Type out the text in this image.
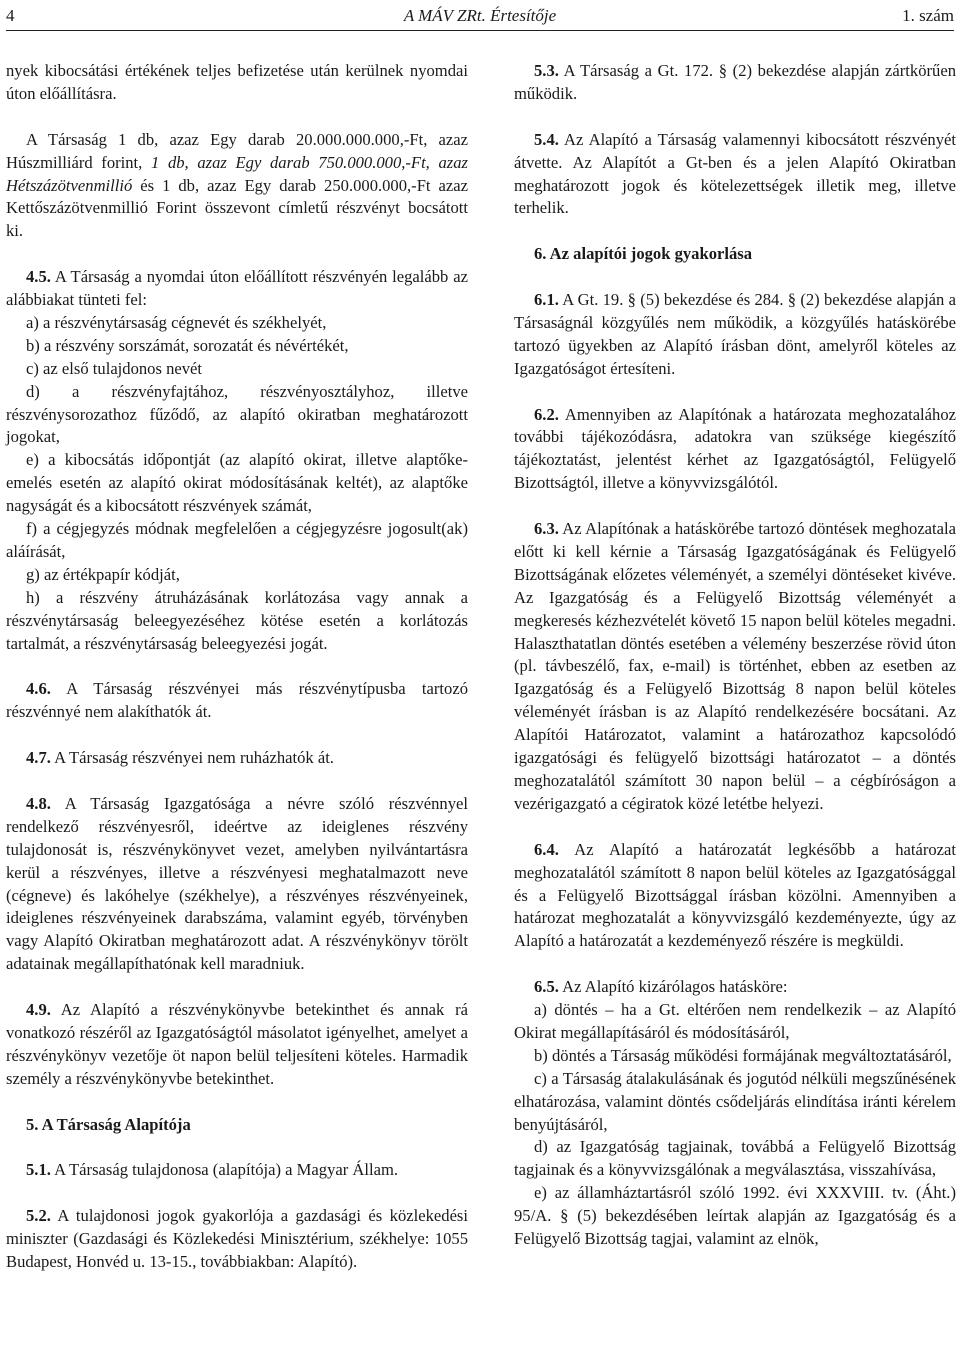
4	A MÁV ZRt. Értesítője	1. szám

nyek kibocsátási értékének teljes befizetése után kerülnek nyomdai úton előállításra.

A Társaság 1 db, azaz Egy darab 20.000.000.000,-Ft, azaz Húszmilliárd forint, 1 db, azaz Egy darab 750.000.000,-Ft, azaz Hétszázötvenmillió és 1 db, azaz Egy darab 250.000.000,-Ft azaz Kettőszázötvenmillió Forint összevont címletű részvényt bocsátott ki.

4.5. A Társaság a nyomdai úton előállított részvényén legalább az alábbiakat tünteti fel:

a) a részvénytársaság cégnevét és székhelyét,

b) a részvény sorszámát, sorozatát és névértékét,

c) az első tulajdonos nevét

d) a részvényfajtához, részvényosztályhoz, illetve részvénysorozathoz fűződő, az alapító okiratban meghatározott jogokat,

e) a kibocsátás időpontját (az alapító okirat, illetve alaptőke-emelés esetén az alapító okirat módosításának keltét), az alaptőke nagyságát és a kibocsátott részvények számát,

f) a cégjegyzés módnak megfelelően a cégjegyzésre jogosult(ak) aláírását,

g) az értékpapír kódját,

h) a részvény átruházásának korlátozása vagy annak a részvénytársaság beleegyezéséhez kötése esetén a korlátozás tartalmát, a részvénytársaság beleegyezési jogát.

4.6. A Társaság részvényei más részvénytípusba tartozó részvénnyé nem alakíthatók át.

4.7. A Társaság részvényei nem ruházhatók át.

4.8. A Társaság Igazgatósága a névre szóló részvénnyel rendelkező részvényesről, ideértve az ideiglenes részvény tulajdonosát is, részvénykönyvet vezet, amelyben nyilvántartásra kerül a részvényes, illetve a részvényesi meghatalmazott neve (cégneve) és lakóhelye (székhelye), a részvényes részvényeinek, ideiglenes részvényeinek darabszáma, valamint egyéb, törvényben vagy Alapító Okiratban meghatározott adat. A részvénykönyv törölt adatainak megállapíthatónak kell maradniuk.

4.9. Az Alapító a részvénykönyvbe betekinthet és annak rá vonatkozó részéről az Igazgatóságtól másolatot igényelhet, amelyet a részvénykönyv vezetője öt napon belül teljesíteni köteles. Harmadik személy a részvénykönyvbe betekinthet.

5. A Társaság Alapítója

5.1. A Társaság tulajdonosa (alapítója) a Magyar Állam.

5.2. A tulajdonosi jogok gyakorlója a gazdasági és közlekedési miniszter (Gazdasági és Közlekedési Minisztérium, székhelye: 1055 Budapest, Honvéd u. 13-15., továbbiakban: Alapító).

5.3. A Társaság a Gt. 172. § (2) bekezdése alapján zártkörűen működik.

5.4. Az Alapító a Társaság valamennyi kibocsátott részvényét átvette. Az Alapítót a Gt-ben és a jelen Alapító Okiratban meghatározott jogok és kötelezettségek illetik meg, illetve terhelik.

6. Az alapítói jogok gyakorlása

6.1. A Gt. 19. § (5) bekezdése és 284. § (2) bekezdése alapján a Társaságnál közgyűlés nem működik, a közgyűlés hatáskörébe tartozó ügyekben az Alapító írásban dönt, amelyről köteles az Igazgatóságot értesíteni.

6.2. Amennyiben az Alapítónak a határozata meghozatalához további tájékozódásra, adatokra van szüksége kiegészítő tájékoztatást, jelentést kérhet az Igazgatóságtól, Felügyelő Bizottságtól, illetve a könyvvizsgálótól.

6.3. Az Alapítónak a hatáskörébe tartozó döntések meghozatala előtt ki kell kérnie a Társaság Igazgatóságának és Felügyelő Bizottságának előzetes véleményét, a személyi döntéseket kivéve. Az Igazgatóság és a Felügyelő Bizottság véleményét a megkeresés kézhezvételét követő 15 napon belül köteles megadni. Halaszthatatlan döntés esetében a vélemény beszerzése rövid úton (pl. távbeszélő, fax, e-mail) is történhet, ebben az esetben az Igazgatóság és a Felügyelő Bizottság 8 napon belül köteles véleményét írásban is az Alapító rendelkezésére bocsátani. Az Alapítói Határozatot, valamint a határozathoz kapcsolódó igazgatósági és felügyelő bizottsági határozatot – a döntés meghozatalától számított 30 napon belül – a cégbíróságon a vezérigazgató a cégiratok közé letétbe helyezi.

6.4. Az Alapító a határozatát legkésőbb a határozat meghozatalától számított 8 napon belül köteles az Igazgatósággal és a Felügyelő Bizottsággal írásban közölni. Amennyiben a határozat meghozatalát a könyvvizsgáló kezdeményezte, úgy az Alapító a határozatát a kezdeményező részére is megküldi.

6.5. Az Alapító kizárólagos hatásköre:

a) döntés – ha a Gt. eltérően nem rendelkezik – az Alapító Okirat megállapításáról és módosításáról,

b) döntés a Társaság működési formájának megváltoztatásáról,

c) a Társaság átalakulásának és jogutód nélküli megszűnésének elhatározása, valamint döntés csődeljárás elindítása iránti kérelem benyújtásáról,

d) az Igazgatóság tagjainak, továbbá a Felügyelő Bizottság tagjainak és a könyvvizsgálónak a megválasztása, visszahívása,

e) az államháztartásról szóló 1992. évi XXXVIII. tv. (Áht.) 95/A. § (5) bekezdésében leírtak alapján az Igazgatóság és a Felügyelő Bizottság tagjai, valamint az elnök,
